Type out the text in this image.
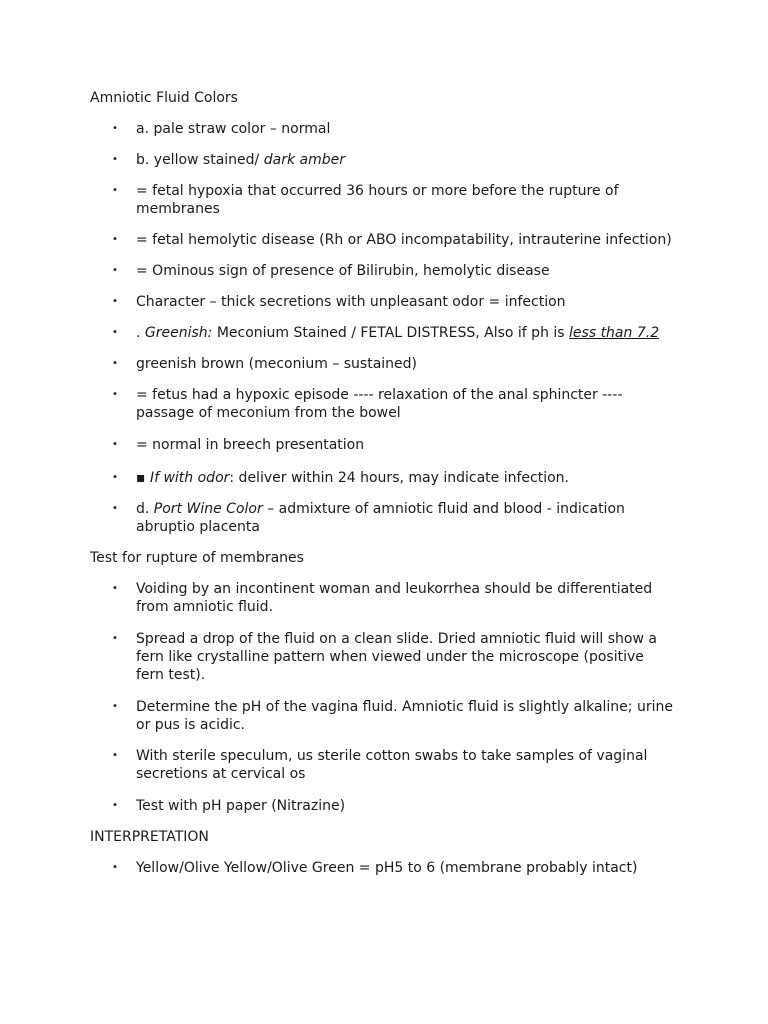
Amniotic Fluid Colors
• a. pale straw color – normal
• b. yellow stained/ dark amber
• = fetal hypoxia that occurred 36 hours or more before the rupture of membranes
• = fetal hemolytic disease (Rh or ABO incompatability, intrauterine infection)
• = Ominous sign of presence of Bilirubin, hemolytic disease
• Character – thick secretions with unpleasant odor = infection
• . Greenish: Meconium Stained / FETAL DISTRESS, Also if ph is less than 7.2
• greenish brown (meconium – sustained)
• = fetus had a hypoxic episode ---- relaxation of the anal sphincter ---- passage of meconium from the bowel
• = normal in breech presentation
• ▪ If with odor: deliver within 24 hours, may indicate infection.
• d. Port Wine Color – admixture of amniotic fluid and blood - indication abruptio placenta
Test for rupture of membranes
• Voiding by an incontinent woman and leukorrhea should be differentiated from amniotic fluid.
• Spread a drop of the fluid on a clean slide. Dried amniotic fluid will show a fern like crystalline pattern when viewed under the microscope (positive fern test).
• Determine the pH of the vagina fluid. Amniotic fluid is slightly alkaline; urine or pus is acidic.
• With sterile speculum, us sterile cotton swabs to take samples of vaginal secretions at cervical os
• Test with pH paper (Nitrazine)
INTERPRETATION
• Yellow/Olive Yellow/Olive Green = pH5 to 6 (membrane probably intact)
